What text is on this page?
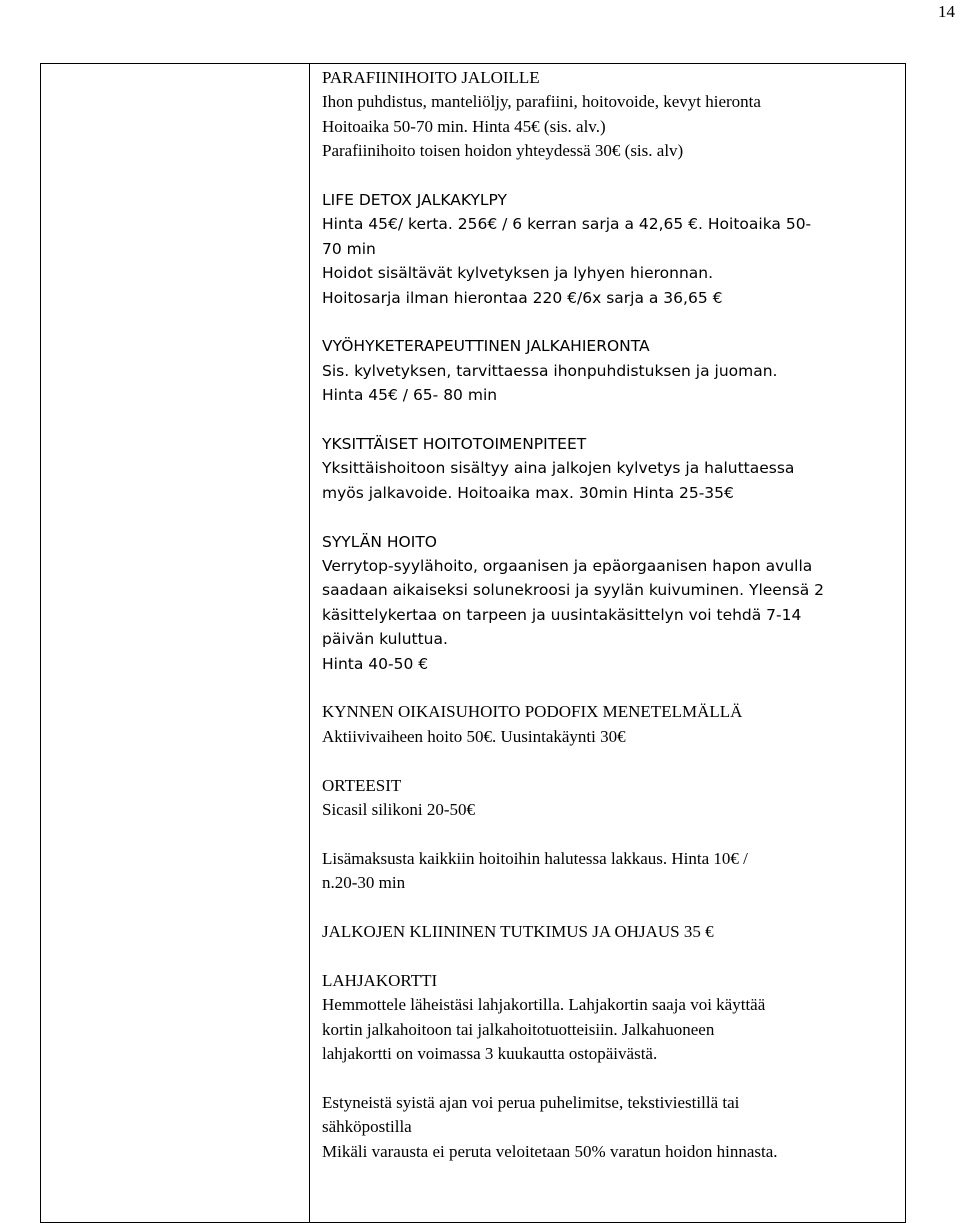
14
PARAFIINIHOITO JALOILLE
Ihon puhdistus, manteliöljy, parafiini, hoitovoide, kevyt hieronta
Hoitoaika 50-70 min. Hinta 45€ (sis. alv.)
Parafiinihoito toisen hoidon yhteydessä 30€ (sis. alv)
LIFE DETOX JALKAKYLPY
Hinta 45€/ kerta. 256€ / 6 kerran sarja a 42,65 €. Hoitoaika 50-
70 min
Hoidot sisältävät kylvetyksen ja lyhyen hieronnan.
Hoitosarja ilman hierontaa 220 €/6x sarja a 36,65 €
VYÖHYKETERAPEUTTINEN JALKAHIERONTA
Sis. kylvetyksen, tarvittaessa ihonpuhdistuksen ja juoman.
Hinta 45€ / 65- 80 min
YKSITTÄISET HOITOTOIMENPITEET
Yksittäishoitoon sisältyy aina jalkojen kylvetys ja haluttaessa
myös jalkavoide. Hoitoaika max. 30min Hinta 25-35€
SYYLÄN HOITO
Verrytop-syylähoito, orgaanisen ja epäorgaanisen hapon avulla
saadaan aikaiseksi solunekroosi ja syylän kuivuminen. Yleensä 2
käsittelykertaa on tarpeen ja uusintakäsittelyn voi tehdä 7-14
päivän kuluttua.
Hinta 40-50 €
KYNNEN OIKAISUHOITO PODOFIX MENETELMÄLLÄ
Aktiivivaiheen hoito 50€. Uusintakäynti 30€
ORTEESIT
Sicasil silikoni 20-50€
Lisämaksusta kaikkiin hoitoihin halutessa lakkaus. Hinta 10€ /
n.20-30 min
JALKOJEN KLIININEN TUTKIMUS JA OHJAUS 35 €
LAHJAKORTTI
Hemmottele läheistäsi lahjakortilla. Lahjakortin saaja voi käyttää
kortin jalkahoitoon tai jalkahoitotuotteisiin. Jalkahuoneen
lahjakortti on voimassa 3 kuukautta ostopäivästä.
Estyneistä syistä ajan voi perua puhelimitse, tekstiviestillä tai
sähköpostilla
Mikäli varausta ei peruta veloitetaan 50% varatun hoidon hinnasta.
